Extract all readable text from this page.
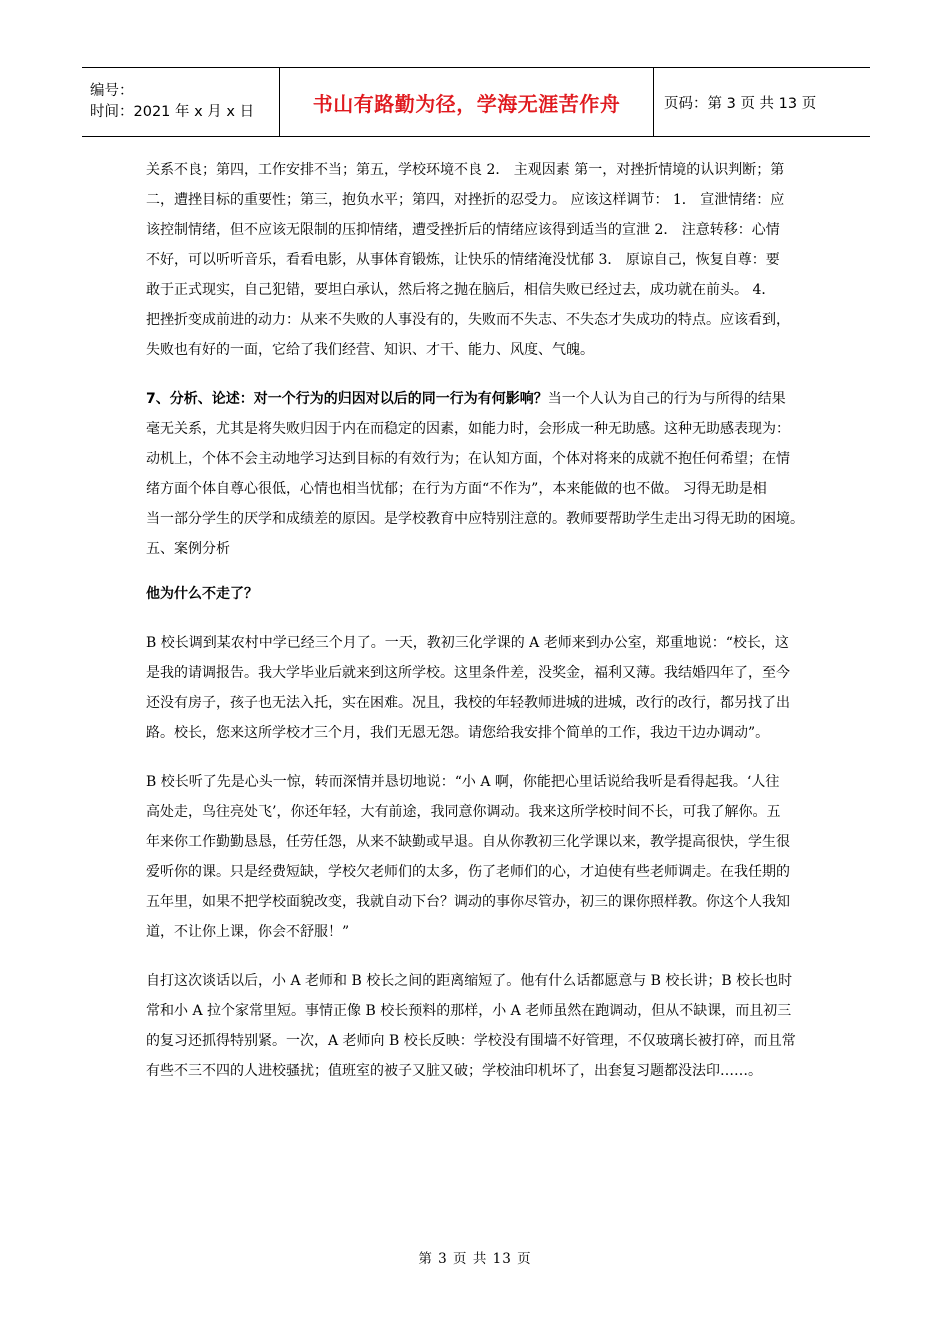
编号：
时间：2021 年 x 月 x 日	书山有路勤为径，学海无涯苦作舟	页码：第 3 页 共 13 页
关系不良；第四，工作安排不当；第五，学校环境不良 2． 主观因素 第一，对挫折情境的认识判断；第
二，遭挫目标的重要性；第三，抱负水平；第四，对挫折的忍受力。 应该这样调节： 1． 宣泄情绪：应
该控制情绪，但不应该无限制的压抑情绪，遭受挫折后的情绪应该得到适当的宣泄 2． 注意转移：心情
不好，可以听听音乐，看看电影，从事体育锻炼，让快乐的情绪淹没忧郁 3． 原谅自己，恢复自尊：要
敢于正式现实，自己犯错，要坦白承认，然后将之抛在脑后，相信失败已经过去，成功就在前头。 4．
把挫折变成前进的动力：从来不失败的人事没有的，失败而不失志、不失态才失成功的特点。应该看到，
失败也有好的一面，它给了我们经营、知识、才干、能力、风度、气魄。
7、分析、论述：对一个行为的归因对以后的同一行为有何影响？当一个人认为自己的行为与所得的结果
毫无关系，尤其是将失败归因于内在而稳定的因素，如能力时，会形成一种无助感。这种无助感表现为：
动机上，个体不会主动地学习达到目标的有效行为；在认知方面，个体对将来的成就不抱任何希望；在情
绪方面个体自尊心很低，心情也相当忧郁；在行为方面“不作为”，本来能做的也不做。 习得无助是相
当一部分学生的厌学和成绩差的原因。是学校教育中应特别注意的。教师要帮助学生走出习得无助的困境。
五、案例分析
他为什么不走了？
B 校长调到某农村中学已经三个月了。一天，教初三化学课的 A 老师来到办公室，郑重地说：“校长，这
是我的请调报告。我大学毕业后就来到这所学校。这里条件差，没奖金，福利又薄。我结婚四年了，至今
还没有房子，孩子也无法入托，实在困难。况且，我校的年轻教师进城的进城，改行的改行，都另找了出
路。校长，您来这所学校才三个月，我们无恩无怨。请您给我安排个简单的工作，我边干边办调动”。
B 校长听了先是心头一惊，转而深情并恳切地说：“小 A 啊，你能把心里话说给我听是看得起我。‘人往
高处走，鸟往亮处飞’，你还年轻，大有前途，我同意你调动。我来这所学校时间不长，可我了解你。五
年来你工作勤勤恳恳，任劳任怨，从来不缺勤或早退。自从你教初三化学课以来，教学提高很快，学生很
爱听你的课。只是经费短缺，学校欠老师们的太多，伤了老师们的心，才迫使有些老师调走。在我任期的
五年里，如果不把学校面貌改变，我就自动下台？调动的事你尽管办，初三的课你照样教。你这个人我知
道，不让你上课，你会不舒服！”
自打这次谈话以后，小 A 老师和 B 校长之间的距离缩短了。他有什么话都愿意与 B 校长讲；B 校长也时
常和小 A 拉个家常里短。事情正像 B 校长预料的那样，小 A 老师虽然在跑调动，但从不缺课，而且初三
的复习还抓得特别紧。一次，A 老师向 B 校长反映：学校没有围墙不好管理，不仅玻璃长被打碎，而且常
有些不三不四的人进校骚扰；值班室的被子又脏又破；学校油印机坏了，出套复习题都没法印……。
第 3 页 共 13 页
